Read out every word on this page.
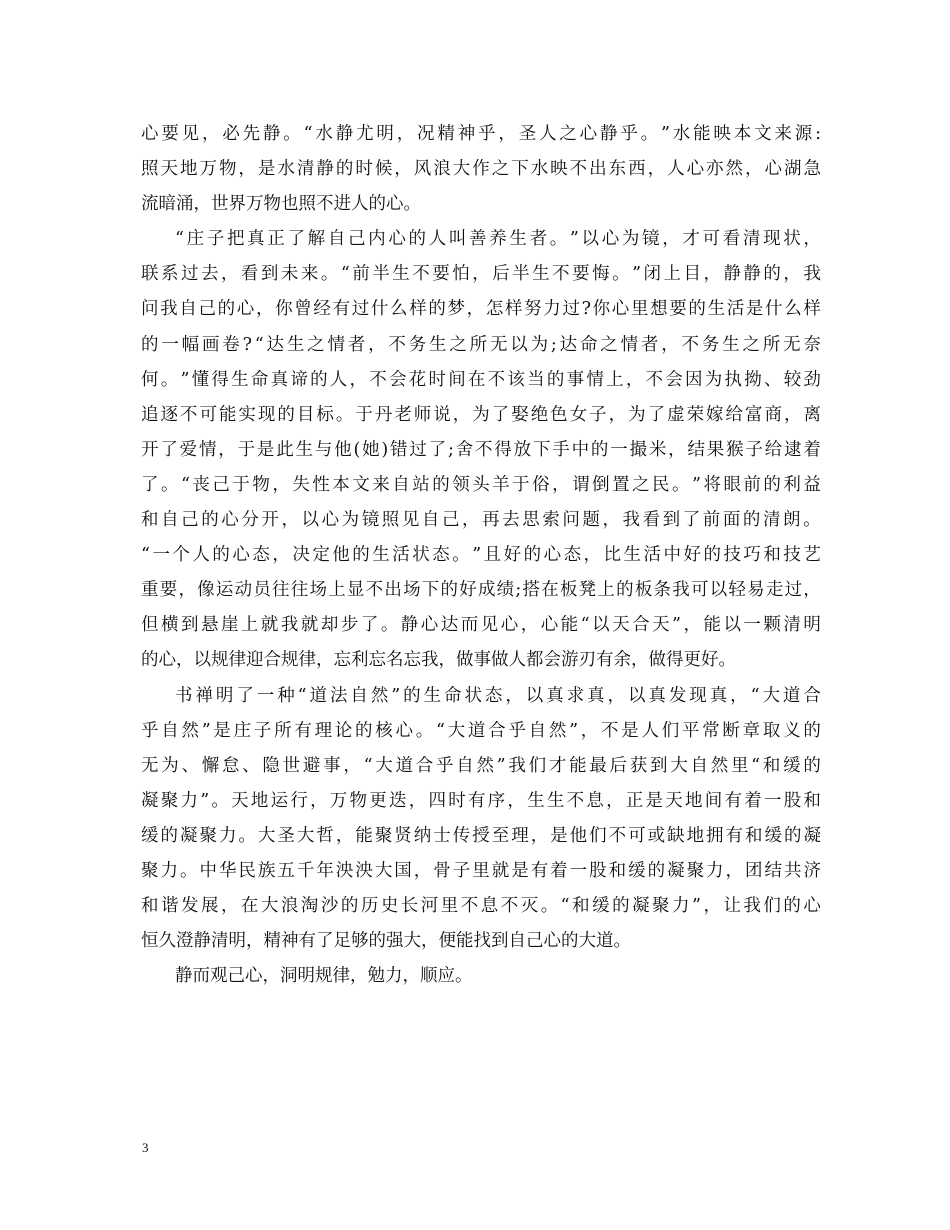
心 要 见 ， 必 先 静 。 “ 水 静 尤 明 ， 况 精 神 乎 ， 圣 人 之 心 静 乎 。 ” 水 能 映 本 文 来 源 :
照 天 地 万 物 ， 是 水 清 静 的 时 候 ， 风 浪 大 作 之 下 水 映 不 出 东 西 ， 人 心 亦 然 ， 心 湖 急
流暗涌，世界万物也照不进人的心。
“ 庄 子 把 真 正 了 解 自 己 内 心 的 人 叫 善 养 生 者 。 ” 以 心 为 镜 ， 才 可 看 清 现 状 ，
联 系 过 去 ， 看 到 未 来 。 “ 前 半 生 不 要 怕 ， 后 半 生 不 要 悔 。 ” 闭 上 目 ， 静 静 的 ， 我
问 我 自 己 的 心 ， 你 曾 经 有 过 什 么 样 的 梦 ， 怎 样 努 力 过 ? 你 心 里 想 要 的 生 活 是 什 么 样
的 一 幅 画 卷 ? “ 达 生 之 情 者 ， 不 务 生 之 所 无 以 为 ; 达 命 之 情 者 ， 不 务 生 之 所 无 奈
何 。 ” 懂 得 生 命 真 谛 的 人 ， 不 会 花 时 间 在 不 该 当 的 事 情 上 ， 不 会 因 为 执 拗 、 较 劲
追 逐 不 可 能 实 现 的 目 标 。 于 丹 老 师 说 ， 为 了 娶 绝 色 女 子 ， 为 了 虚 荣 嫁 给 富 商 ， 离
开 了 爱 情 ， 于 是 此 生 与 他 ( 她 ) 错 过 了 ; 舍 不 得 放 下 手 中 的 一 撮 米 ， 结 果 猴 子 给 逮 着
了 。 “ 丧 己 于 物 ， 失 性 本 文 来 自 站 的 领 头 羊 于 俗 ， 谓 倒 置 之 民 。 ” 将 眼 前 的 利 益
和 自 己 的 心 分 开 ， 以 心 为 镜 照 见 自 己 ， 再 去 思 索 问 题 ， 我 看 到 了 前 面 的 清 朗 。
“ 一 个 人 的 心 态 ， 决 定 他 的 生 活 状 态 。 ” 且 好 的 心 态 ， 比 生 活 中 好 的 技 巧 和 技 艺
重 要 ， 像 运 动 员 往 往 场 上 显 不 出 场 下 的 好 成 绩 ; 搭 在 板 凳 上 的 板 条 我 可 以 轻 易 走 过 ，
但 横 到 悬 崖 上 就 我 就 却 步 了 。 静 心 达 而 见 心 ， 心 能 “ 以 天 合 天 ” ， 能 以 一 颗 清 明
的心，以规律迎合规律，忘利忘名忘我，做事做人都会游刃有余，做得更好。
书 禅 明 了 一 种 “ 道 法 自 然 ” 的 生 命 状 态 ， 以 真 求 真 ， 以 真 发 现 真 ， “ 大 道 合
乎 自 然 ” 是 庄 子 所 有 理 论 的 核 心 。 “ 大 道 合 乎 自 然 ” ， 不 是 人 们 平 常 断 章 取 义 的
无 为 、 懈 怠 、 隐 世 避 事 ， “ 大 道 合 乎 自 然 ” 我 们 才 能 最 后 获 到 大 自 然 里 “ 和 缓 的
凝 聚 力 ” 。 天 地 运 行 ， 万 物 更 迭 ， 四 时 有 序 ， 生 生 不 息 ， 正 是 天 地 间 有 着 一 股 和
缓 的 凝 聚 力 。 大 圣 大 哲 ， 能 聚 贤 纳 士 传 授 至 理 ， 是 他 们 不 可 或 缺 地 拥 有 和 缓 的 凝
聚 力 。 中 华 民 族 五 千 年 泱 泱 大 国 ， 骨 子 里 就 是 有 着 一 股 和 缓 的 凝 聚 力 ， 团 结 共 济
和 谐 发 展 ， 在 大 浪 淘 沙 的 历 史 长 河 里 不 息 不 灭 。 “ 和 缓 的 凝 聚 力 ” ， 让 我 们 的 心
恒久澄静清明，精神有了足够的强大，便能找到自己心的大道。
静而观己心，洞明规律，勉力，顺应。
3
